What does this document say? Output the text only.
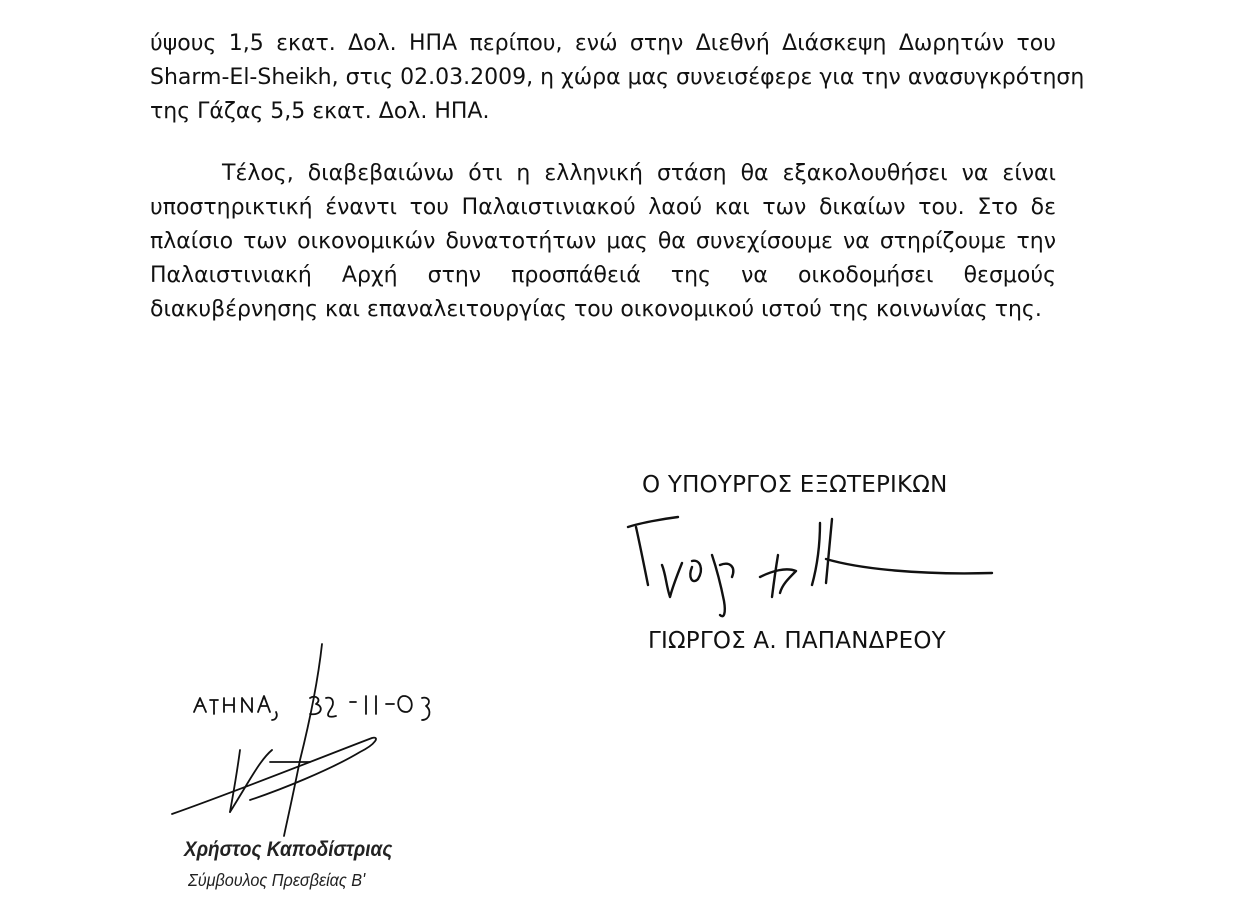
ύψους 1,5 εκατ. Δολ. ΗΠΑ περίπου, ενώ στην Διεθνή Διάσκεψη Δωρητών του
Sharm-El-Sheikh, στις 02.03.2009, η χώρα μας συνεισέφερε για την ανασυγκρότηση
της Γάζας 5,5 εκατ. Δολ. ΗΠΑ.
Τέλος, διαβεβαιώνω ότι η ελληνική στάση θα εξακολουθήσει να είναι
υποστηρικτική έναντι του Παλαιστινιακού λαού και των δικαίων του. Στο δε
πλαίσιο των οικονομικών δυνατοτήτων μας θα συνεχίσουμε να στηρίζουμε την
Παλαιστινιακή Αρχή στην προσπάθειά της να οικοδομήσει θεσμούς
διακυβέρνησης και επαναλειτουργίας του οικονομικού ιστού της κοινωνίας της.
Ο ΥΠΟΥΡΓΟΣ ΕΞΩΤΕΡΙΚΩΝ
ΓΙΩΡΓΟΣ Α. ΠΑΠΑΝΔΡΕΟΥ
Χρήστος Καποδίστριας
Σύμβουλος Πρεσβείας Β'
